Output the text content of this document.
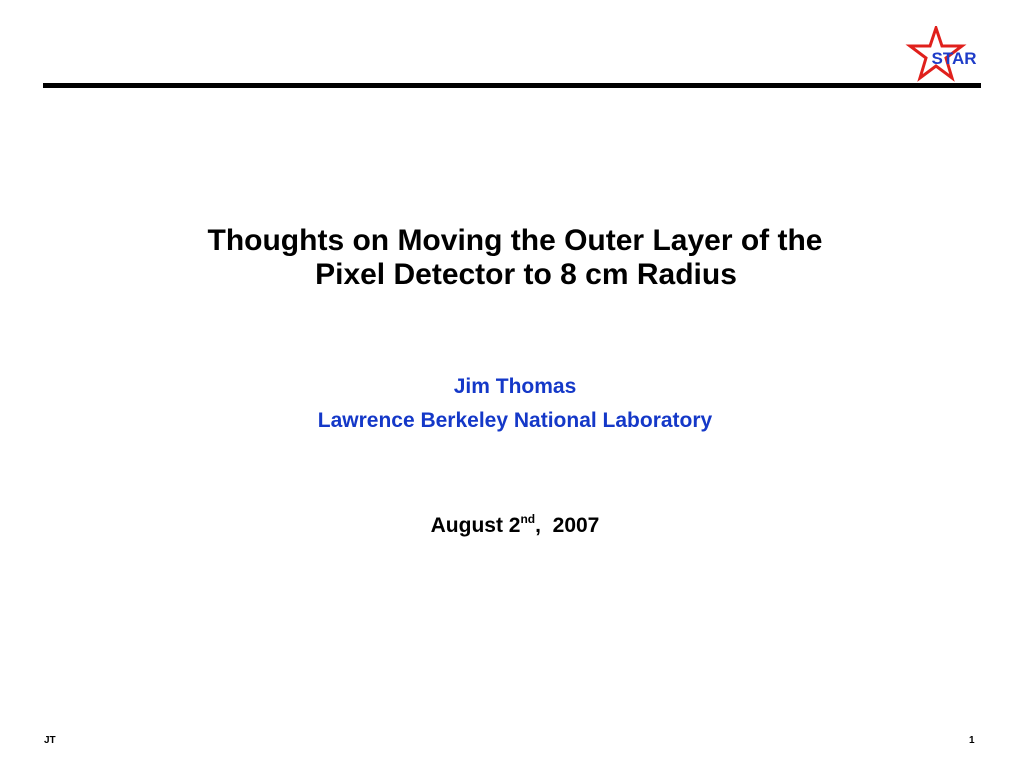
STAR
Thoughts on Moving the Outer Layer of the
Pixel Detector to 8 cm Radius
Jim Thomas
Lawrence Berkeley National Laboratory
August 2nd,  2007
JT	1
